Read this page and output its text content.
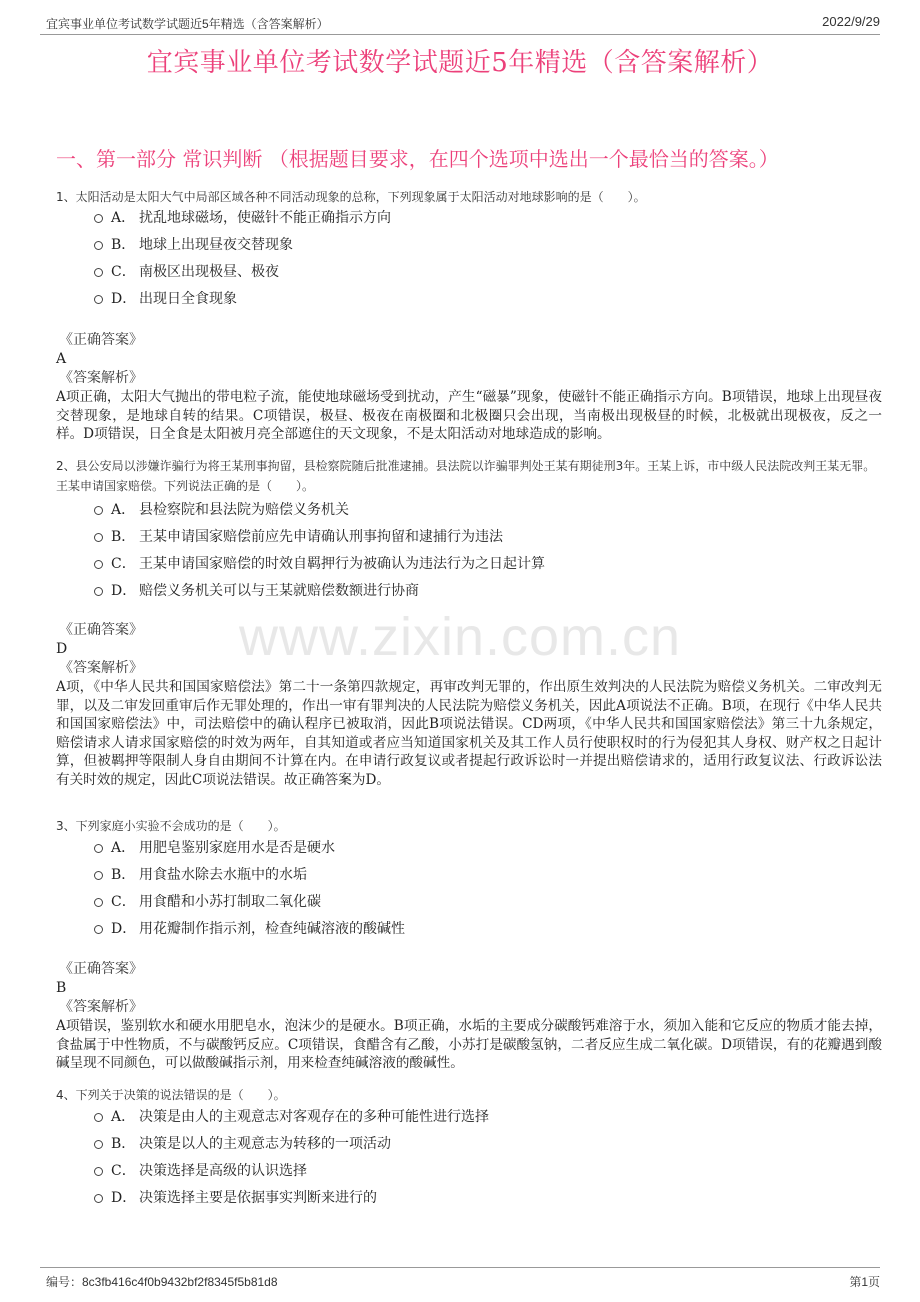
宜宾事业单位考试数学试题近5年精选（含答案解析）	2022/9/29
宜宾事业单位考试数学试题近5年精选（含答案解析）
一、第一部分 常识判断 （根据题目要求，在四个选项中选出一个最恰当的答案。）
www.zixin.com.cn

1、太阳活动是太阳大气中局部区域各种不同活动现象的总称，下列现象属于太阳活动对地球影响的是（　　）。

A． 扰乱地球磁场，使磁针不能正确指示方向
B． 地球上出现昼夜交替现象
C． 南极区出现极昼、极夜
D． 出现日全食现象
《正确答案》
A
《答案解析》

A项正确，太阳大气抛出的带电粒子流，能使地球磁场受到扰动，产生“磁暴”现象，使磁针不能正确指示方向。B项错误，地球上出现昼夜交替现象，是地球自转的结果。C项错误，极昼、极夜在南极圈和北极圈只会出现，当南极出现极昼的时候，北极就出现极夜，反之一样。D项错误，日全食是太阳被月亮全部遮住的天文现象，不是太阳活动对地球造成的影响。

2、县公安局以涉嫌诈骗行为将王某刑事拘留，县检察院随后批准逮捕。县法院以诈骗罪判处王某有期徒刑3年。王某上诉，市中级人民法院改判王某无罪。王某申请国家赔偿。下列说法正确的是（　　）。

A． 县检察院和县法院为赔偿义务机关
B． 王某申请国家赔偿前应先申请确认刑事拘留和逮捕行为违法
C． 王某申请国家赔偿的时效自羁押行为被确认为违法行为之日起计算
D． 赔偿义务机关可以与王某就赔偿数额进行协商
《正确答案》
D
《答案解析》

A项，《中华人民共和国国家赔偿法》第二十一条第四款规定，再审改判无罪的，作出原生效判决的人民法院为赔偿义务机关。二审改判无罪，以及二审发回重审后作无罪处理的，作出一审有罪判决的人民法院为赔偿义务机关，因此A项说法不正确。B项，在现行《中华人民共和国国家赔偿法》中，司法赔偿中的确认程序已被取消，因此B项说法错误。CD两项，《中华人民共和国国家赔偿法》第三十九条规定，赔偿请求人请求国家赔偿的时效为两年，自其知道或者应当知道国家机关及其工作人员行使职权时的行为侵犯其人身权、财产权之日起计算，但被羁押等限制人身自由期间不计算在内。在申请行政复议或者提起行政诉讼时一并提出赔偿请求的，适用行政复议法、行政诉讼法有关时效的规定，因此C项说法错误。故正确答案为D。

3、下列家庭小实验不会成功的是（　　）。

A． 用肥皂鉴别家庭用水是否是硬水
B． 用食盐水除去水瓶中的水垢
C． 用食醋和小苏打制取二氧化碳
D． 用花瓣制作指示剂，检查纯碱溶液的酸碱性
《正确答案》
B
《答案解析》

A项错误，鉴别软水和硬水用肥皂水，泡沫少的是硬水。B项正确，水垢的主要成分碳酸钙难溶于水，须加入能和它反应的物质才能去掉，食盐属于中性物质，不与碳酸钙反应。C项错误，食醋含有乙酸，小苏打是碳酸氢钠，二者反应生成二氧化碳。D项错误，有的花瓣遇到酸碱呈现不同颜色，可以做酸碱指示剂，用来检查纯碱溶液的酸碱性。

4、下列关于决策的说法错误的是（　　）。

A． 决策是由人的主观意志对客观存在的多种可能性进行选择
B． 决策是以人的主观意志为转移的一项活动
C． 决策选择是高级的认识选择
D． 决策选择主要是依据事实判断来进行的
编号：8c3fb416c4f0b9432bf2f8345f5b81d8	第1页
